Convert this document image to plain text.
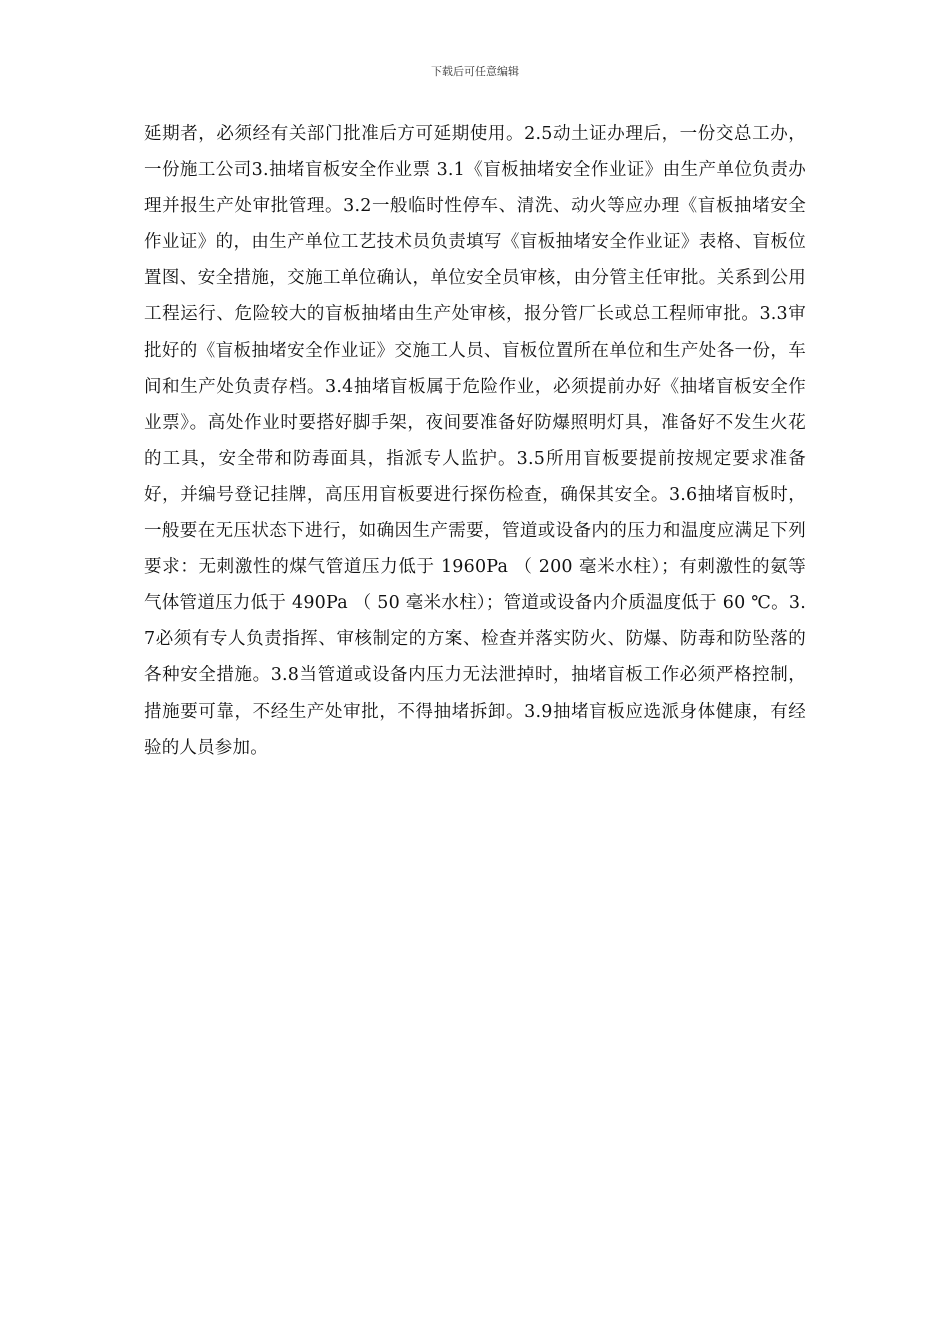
下载后可任意编辑

延期者，必须经有关部门批准后方可延期使用。2.5动土证办理后，一份交总工办，一份施工公司3.抽堵盲板安全作业票 3.1《盲板抽堵安全作业证》由生产单位负责办理并报生产处审批管理。3.2一般临时性停车、清洗、动火等应办理《盲板抽堵安全作业证》的，由生产单位工艺技术员负责填写《盲板抽堵安全作业证》表格、盲板位置图、安全措施，交施工单位确认，单位安全员审核，由分管主任审批。关系到公用工程运行、危险较大的盲板抽堵由生产处审核，报分管厂长或总工程师审批。3.3审批好的《盲板抽堵安全作业证》交施工人员、盲板位置所在单位和生产处各一份，车间和生产处负责存档。3.4抽堵盲板属于危险作业，必须提前办好《抽堵盲板安全作业票》。高处作业时要搭好脚手架，夜间要准备好防爆照明灯具，准备好不发生火花的工具，安全带和防毒面具，指派专人监护。3.5所用盲板要提前按规定要求准备好，并编号登记挂牌，高压用盲板要进行探伤检查，确保其安全。3.6抽堵盲板时，一般要在无压状态下进行，如确因生产需要，管道或设备内的压力和温度应满足下列要求：无刺激性的煤气管道压力低于 1960Pa （ 200 毫米水柱）；有刺激性的氨等气体管道压力低于 490Pa （ 50 毫米水柱）；管道或设备内介质温度低于 60 ℃。3.7必须有专人负责指挥、审核制定的方案、检查并落实防火、防爆、防毒和防坠落的各种安全措施。3.8当管道或设备内压力无法泄掉时，抽堵盲板工作必须严格控制，措施要可靠，不经生产处审批，不得抽堵拆卸。3.9抽堵盲板应选派身体健康，有经验的人员参加。
